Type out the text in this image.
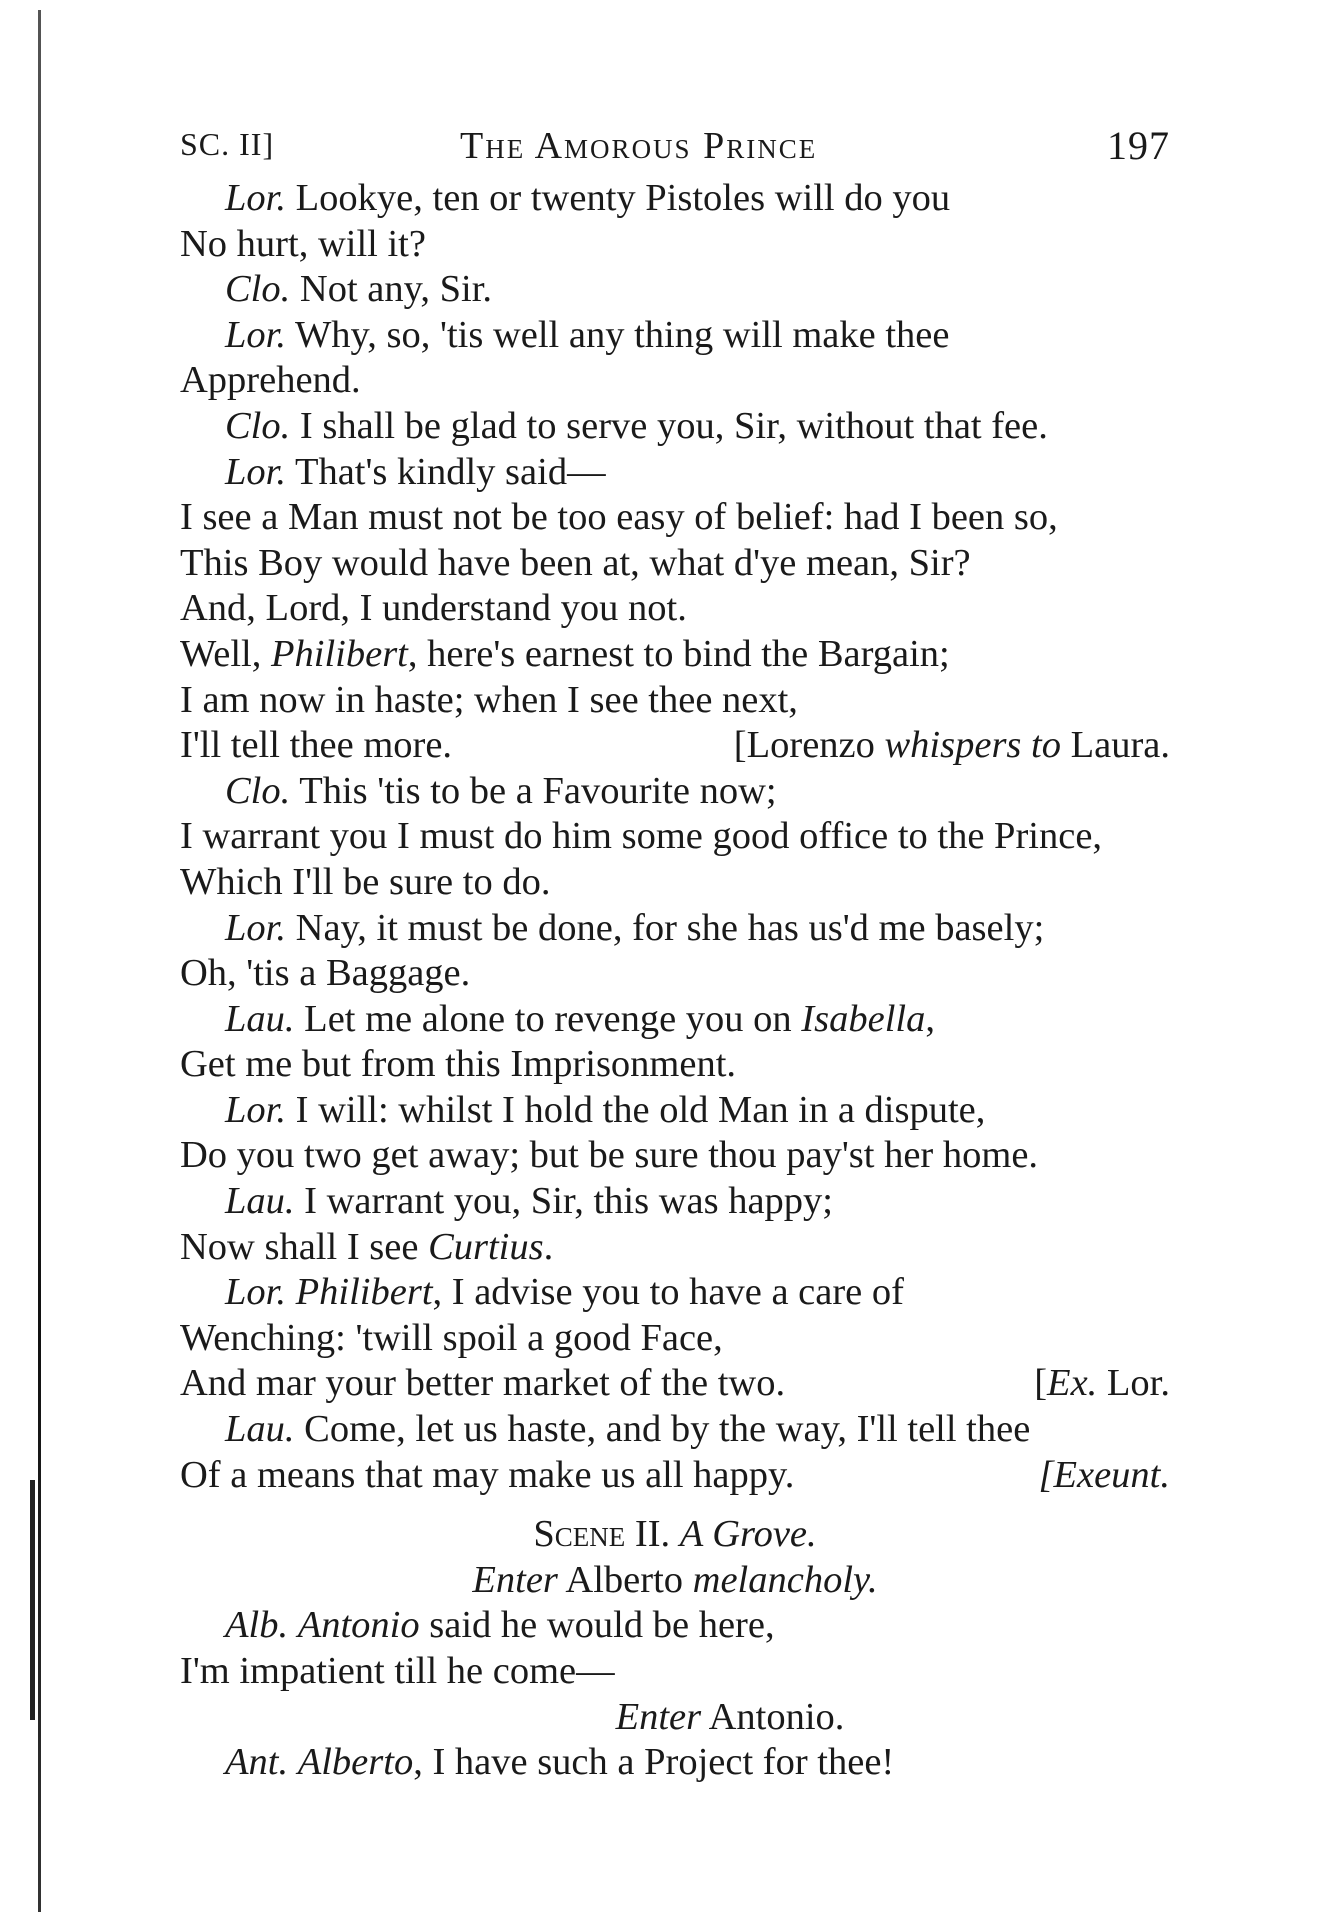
SC. II]	The Amorous Prince	197
Lor. Lookye, ten or twenty Pistoles will do you
No hurt, will it?
Clo. Not any, Sir.
Lor. Why, so, 'tis well any thing will make thee
Apprehend.
Clo. I shall be glad to serve you, Sir, without that fee.
Lor. That's kindly said—
I see a Man must not be too easy of belief: had I been so,
This Boy would have been at, what d'ye mean, Sir?
And, Lord, I understand you not.
Well, Philibert, here's earnest to bind the Bargain;
I am now in haste; when I see thee next,
I'll tell thee more.	[Lorenzo whispers to Laura.
Clo. This 'tis to be a Favourite now;
I warrant you I must do him some good office to the Prince,
Which I'll be sure to do.
Lor. Nay, it must be done, for she has us'd me basely;
Oh, 'tis a Baggage.
Lau. Let me alone to revenge you on Isabella,
Get me but from this Imprisonment.
Lor. I will: whilst I hold the old Man in a dispute,
Do you two get away; but be sure thou pay'st her home.
Lau. I warrant you, Sir, this was happy;
Now shall I see Curtius.
Lor. Philibert, I advise you to have a care of
Wenching: 'twill spoil a good Face,
And mar your better market of the two.	[Ex. Lor.
Lau. Come, let us haste, and by the way, I'll tell thee
Of a means that may make us all happy.	[Exeunt.
Scene II. A Grove.
Enter Alberto melancholy.
Alb. Antonio said he would be here,
I'm impatient till he come—
Enter Antonio.
Ant. Alberto, I have such a Project for thee!
